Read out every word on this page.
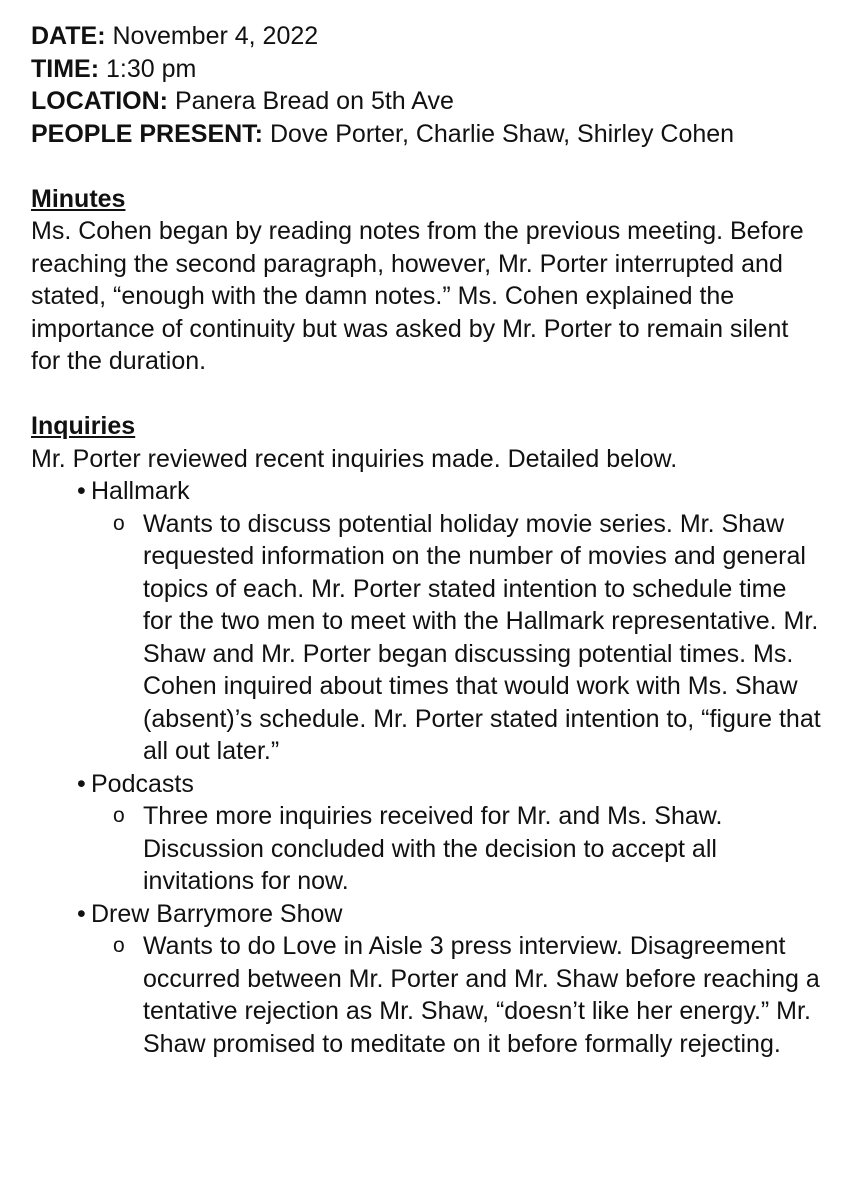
DATE: November 4, 2022

TIME: 1:30 pm

LOCATION: Panera Bread on 5th Ave

PEOPLE PRESENT: Dove Porter, Charlie Shaw, Shirley Cohen

Minutes

Ms. Cohen began by reading notes from the previous meeting. Before reaching the second paragraph, however, Mr. Porter interrupted and stated, “enough with the damn notes.” Ms. Cohen explained the importance of continuity but was asked by Mr. Porter to remain silent for the duration.

Inquiries

Mr. Porter reviewed recent inquiries made. Detailed below.

• Hallmark
o Wants to discuss potential holiday movie series. Mr. Shaw requested information on the number of movies and general topics of each. Mr. Porter stated intention to schedule time for the two men to meet with the Hallmark representative. Mr. Shaw and Mr. Porter began discussing potential times. Ms. Cohen inquired about times that would work with Ms. Shaw (absent)’s schedule. Mr. Porter stated intention to, “figure that all out later.”
• Podcasts
o Three more inquiries received for Mr. and Ms. Shaw. Discussion concluded with the decision to accept all invitations for now.
• Drew Barrymore Show
o Wants to do Love in Aisle 3 press interview. Disagreement occurred between Mr. Porter and Mr. Shaw before reaching a tentative rejection as Mr. Shaw, “doesn’t like her energy.” Mr. Shaw promised to meditate on it before formally rejecting.
